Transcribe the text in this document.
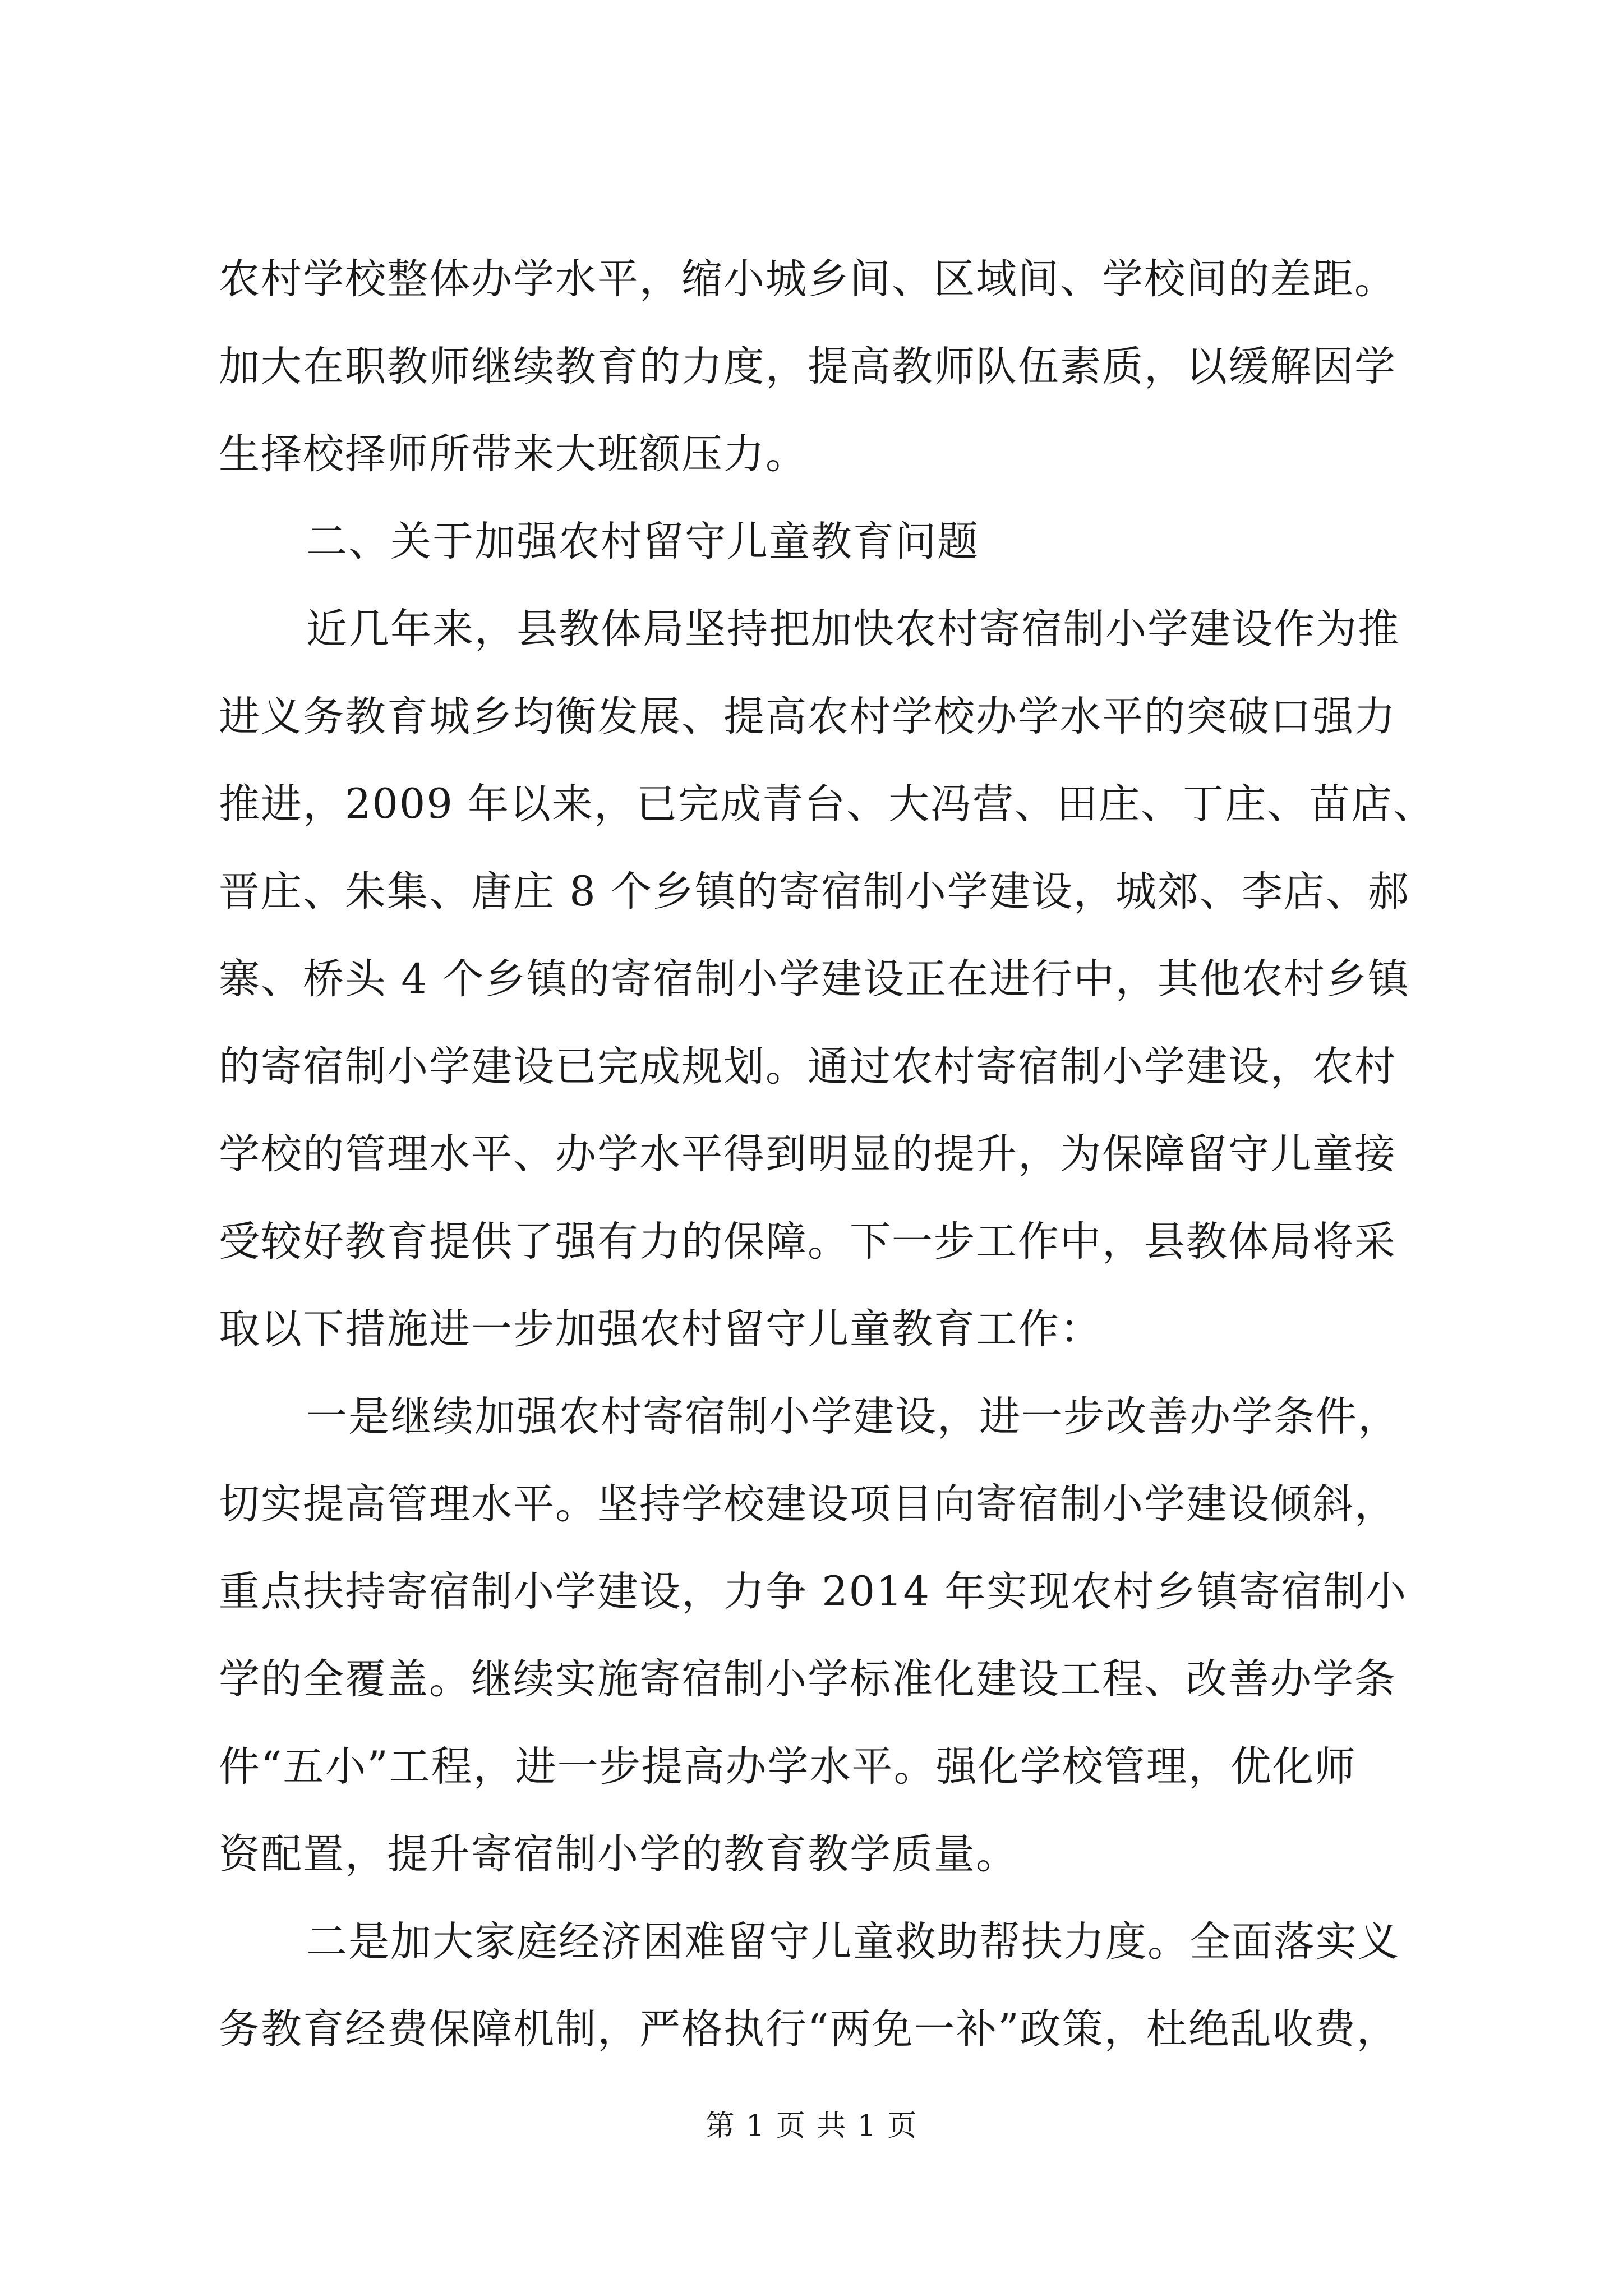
农村学校整体办学水平，缩小城乡间、区域间、学校间的差距。
加大在职教师继续教育的力度，提高教师队伍素质，以缓解因学
生择校择师所带来大班额压力。
二、关于加强农村留守儿童教育问题
近几年来，县教体局坚持把加快农村寄宿制小学建设作为推
进义务教育城乡均衡发展、提高农村学校办学水平的突破口强力
推进，2009 年以来，已完成青台、大冯营、田庄、丁庄、苗店、
晋庄、朱集、唐庄 8 个乡镇的寄宿制小学建设，城郊、李店、郝
寨、桥头 4 个乡镇的寄宿制小学建设正在进行中，其他农村乡镇
的寄宿制小学建设已完成规划。通过农村寄宿制小学建设，农村
学校的管理水平、办学水平得到明显的提升，为保障留守儿童接
受较好教育提供了强有力的保障。下一步工作中，县教体局将采
取以下措施进一步加强农村留守儿童教育工作：
一是继续加强农村寄宿制小学建设，进一步改善办学条件，
切实提高管理水平。坚持学校建设项目向寄宿制小学建设倾斜，
重点扶持寄宿制小学建设，力争 2014 年实现农村乡镇寄宿制小
学的全覆盖。继续实施寄宿制小学标准化建设工程、改善办学条
件“五小”工程，进一步提高办学水平。强化学校管理，优化师
资配置，提升寄宿制小学的教育教学质量。
二是加大家庭经济困难留守儿童救助帮扶力度。全面落实义
务教育经费保障机制，严格执行“两免一补”政策，杜绝乱收费，
第 1 页 共 1 页
